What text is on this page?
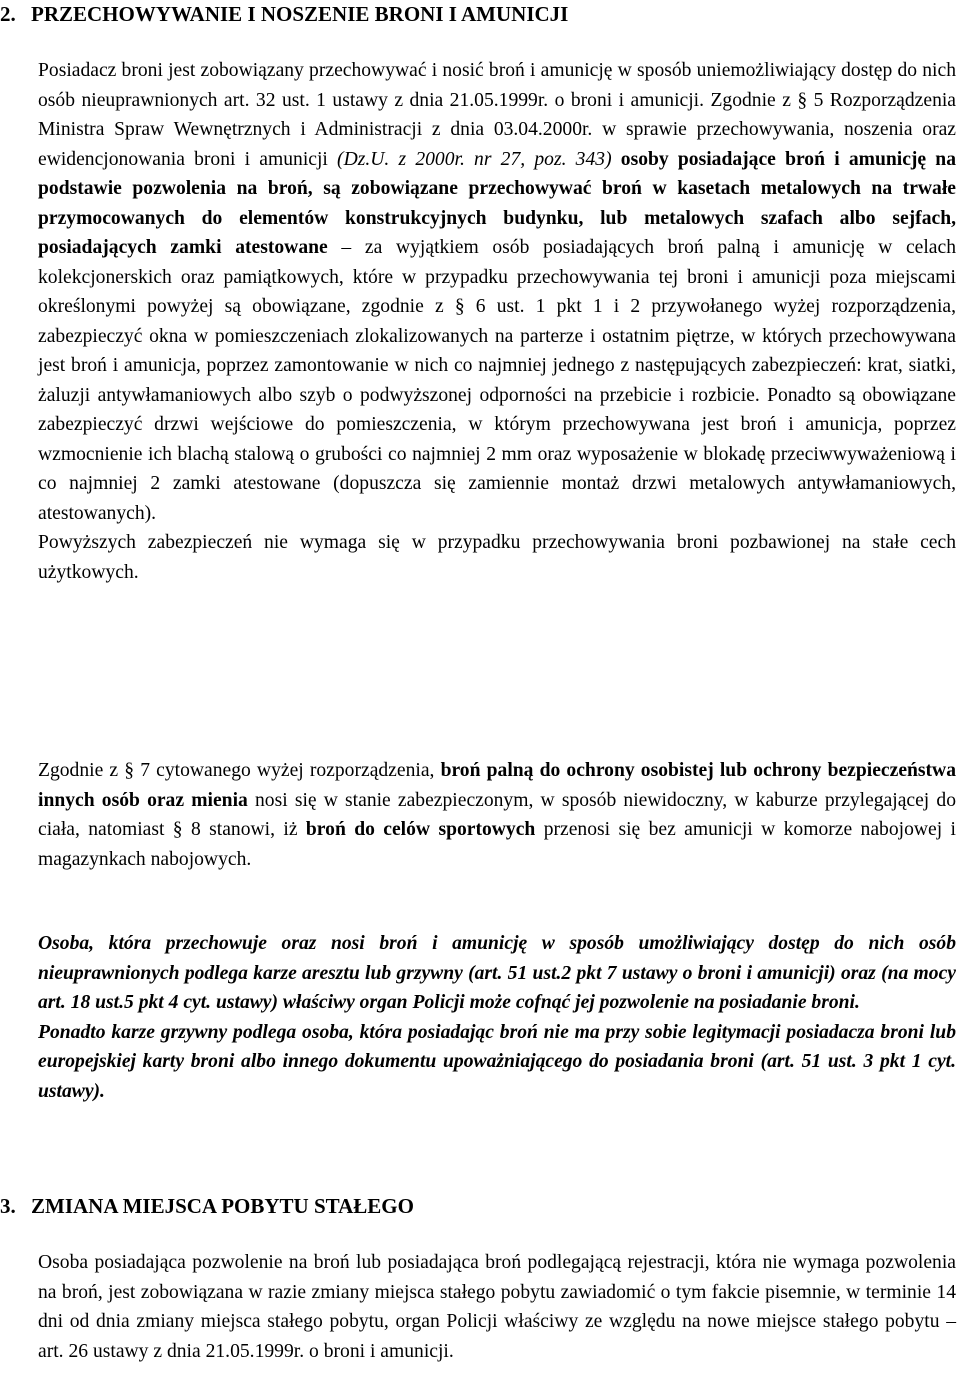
2. PRZECHOWYWANIE I NOSZENIE BRONI I AMUNICJI
Posiadacz broni jest zobowiązany przechowywać i nosić broń i amunicję w sposób uniemożliwiający dostęp do nich osób nieuprawnionych art. 32 ust. 1 ustawy z dnia 21.05.1999r. o broni i amunicji. Zgodnie z § 5 Rozporządzenia Ministra Spraw Wewnętrznych i Administracji z dnia 03.04.2000r. w sprawie przechowywania, noszenia oraz ewidencjonowania broni i amunicji (Dz.U. z 2000r. nr 27, poz. 343) osoby posiadające broń i amunicję na podstawie pozwolenia na broń, są zobowiązane przechowywać broń w kasetach metalowych na trwałe przymocowanych do elementów konstrukcyjnych budynku, lub metalowych szafach albo sejfach, posiadających zamki atestowane – za wyjątkiem osób posiadających broń palną i amunicję w celach kolekcjonerskich oraz pamiątkowych, które w przypadku przechowywania tej broni i amunicji poza miejscami określonymi powyżej są obowiązane, zgodnie z § 6 ust. 1 pkt 1 i 2 przywołanego wyżej rozporządzenia, zabezpieczyć okna w pomieszczeniach zlokalizowanych na parterze i ostatnim piętrze, w których przechowywana jest broń i amunicja, poprzez zamontowanie w nich co najmniej jednego z następujących zabezpieczeń: krat, siatki, żaluzji antywłamaniowych albo szyb o podwyższonej odporności na przebicie i rozbicie. Ponadto są obowiązane zabezpieczyć drzwi wejściowe do pomieszczenia, w którym przechowywana jest broń i amunicja, poprzez wzmocnienie ich blachą stalową o grubości co najmniej 2 mm oraz wyposażenie w blokadę przeciwwyważeniową i co najmniej 2 zamki atestowane (dopuszcza się zamiennie montaż drzwi metalowych antywłamaniowych, atestowanych).
Powyższych zabezpieczeń nie wymaga się w przypadku przechowywania broni pozbawionej na stałe cech użytkowych.
Zgodnie z § 7 cytowanego wyżej rozporządzenia, broń palną do ochrony osobistej lub ochrony bezpieczeństwa innych osób oraz mienia nosi się w stanie zabezpieczonym, w sposób niewidoczny, w kaburze przylegającej do ciała, natomiast § 8 stanowi, iż broń do celów sportowych przenosi się bez amunicji w komorze nabojowej i magazynkach nabojowych.
Osoba, która przechowuje oraz nosi broń i amunicję w sposób umożliwiający dostęp do nich osób nieuprawnionych podlega karze aresztu lub grzywny (art. 51 ust.2 pkt 7 ustawy o broni i amunicji) oraz (na mocy art. 18 ust.5 pkt 4 cyt. ustawy) właściwy organ Policji może cofnąć jej pozwolenie na posiadanie broni.
Ponadto karze grzywny podlega osoba, która posiadając broń nie ma przy sobie legitymacji posiadacza broni lub europejskiej karty broni albo innego dokumentu upoważniającego do posiadania broni (art. 51 ust. 3 pkt 1 cyt. ustawy).
3. ZMIANA MIEJSCA POBYTU STAŁEGO
Osoba posiadająca pozwolenie na broń lub posiadająca broń podlegającą rejestracji, która nie wymaga pozwolenia na broń, jest zobowiązana w razie zmiany miejsca stałego pobytu zawiadomić o tym fakcie pisemnie, w terminie 14 dni od dnia zmiany miejsca stałego pobytu, organ Policji właściwy ze względu na nowe miejsce stałego pobytu – art. 26 ustawy z dnia 21.05.1999r. o broni i amunicji.
